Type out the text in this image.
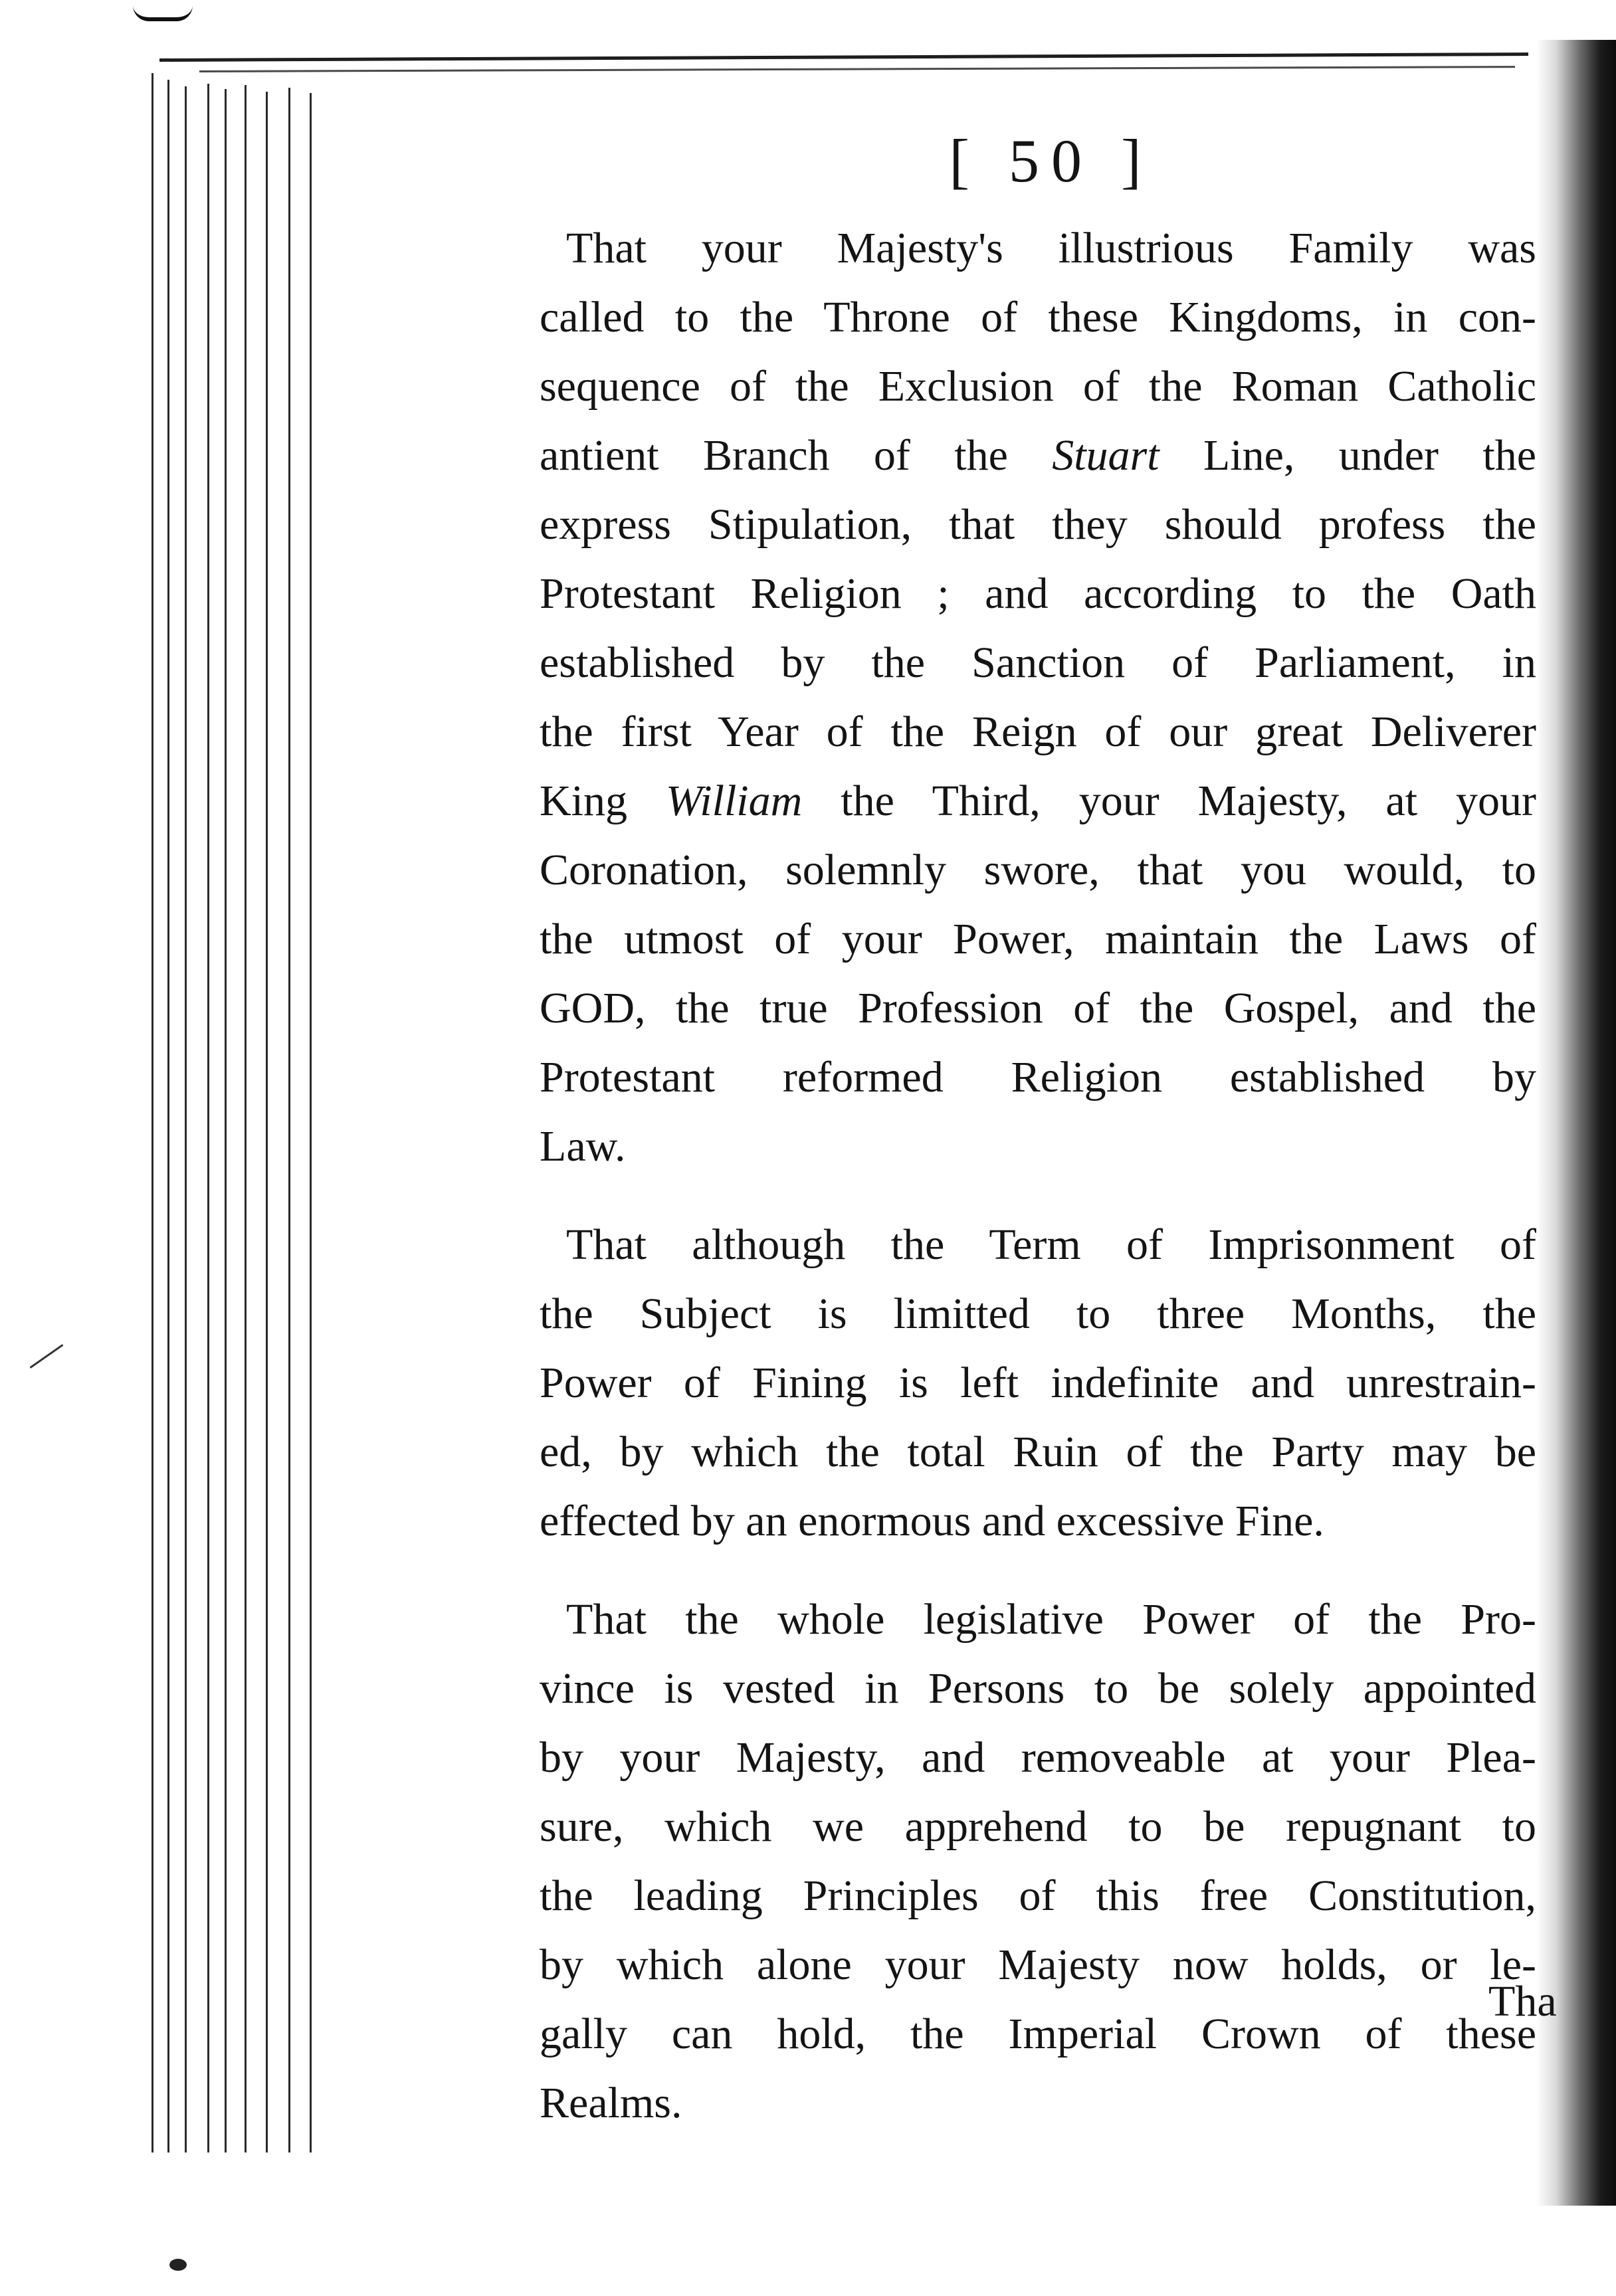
[ 50 ]
That your Majesty's illustrious Family was
called to the Throne of these Kingdoms, in con-
sequence of the Exclusion of the Roman Catholic
antient Branch of the Stuart Line, under the
express Stipulation, that they should profess the
Protestant Religion ; and according to the Oath
established by the Sanction of Parliament, in
the first Year of the Reign of our great Deliverer
King William the Third, your Majesty, at your
Coronation, solemnly swore, that you would, to
the utmost of your Power, maintain the Laws of
GOD, the true Profession of the Gospel, and the
Protestant reformed Religion established by
Law.
That although the Term of Imprisonment of
the Subject is limitted to three Months, the
Power of Fining is left indefinite and unrestrain-
ed, by which the total Ruin of the Party may be
effected by an enormous and excessive Fine.
That the whole legislative Power of the Pro-
vince is vested in Persons to be solely appointed
by your Majesty, and removeable at your Plea-
sure, which we apprehend to be repugnant to
the leading Principles of this free Constitution,
by which alone your Majesty now holds, or le-
gally can hold, the Imperial Crown of these
Realms.
Tha
